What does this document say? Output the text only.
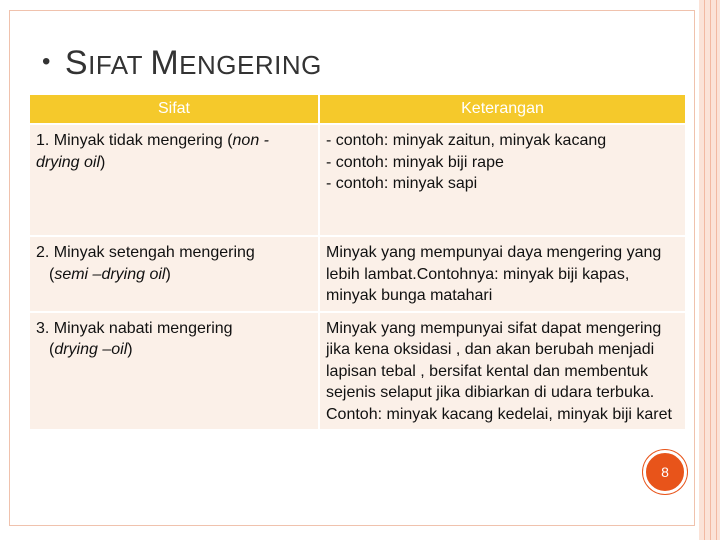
• SIFAT MENGERING
Sifat	Keterangan
1. Minyak tidak mengering (non -drying oil)	- contoh: minyak zaitun, minyak kacang
- contoh: minyak biji rape
- contoh: minyak sapi

2. Minyak setengah mengering
(semi –drying oil)	Minyak yang mempunyai daya mengering yang lebih lambat.Contohnya: minyak biji kapas, minyak bunga matahari
3. Minyak nabati mengering
(drying –oil)	Minyak yang mempunyai sifat dapat mengering jika kena oksidasi , dan akan berubah menjadi lapisan tebal , bersifat kental dan membentuk sejenis selaput jika dibiarkan di udara terbuka. Contoh: minyak kacang kedelai, minyak biji karet
8
